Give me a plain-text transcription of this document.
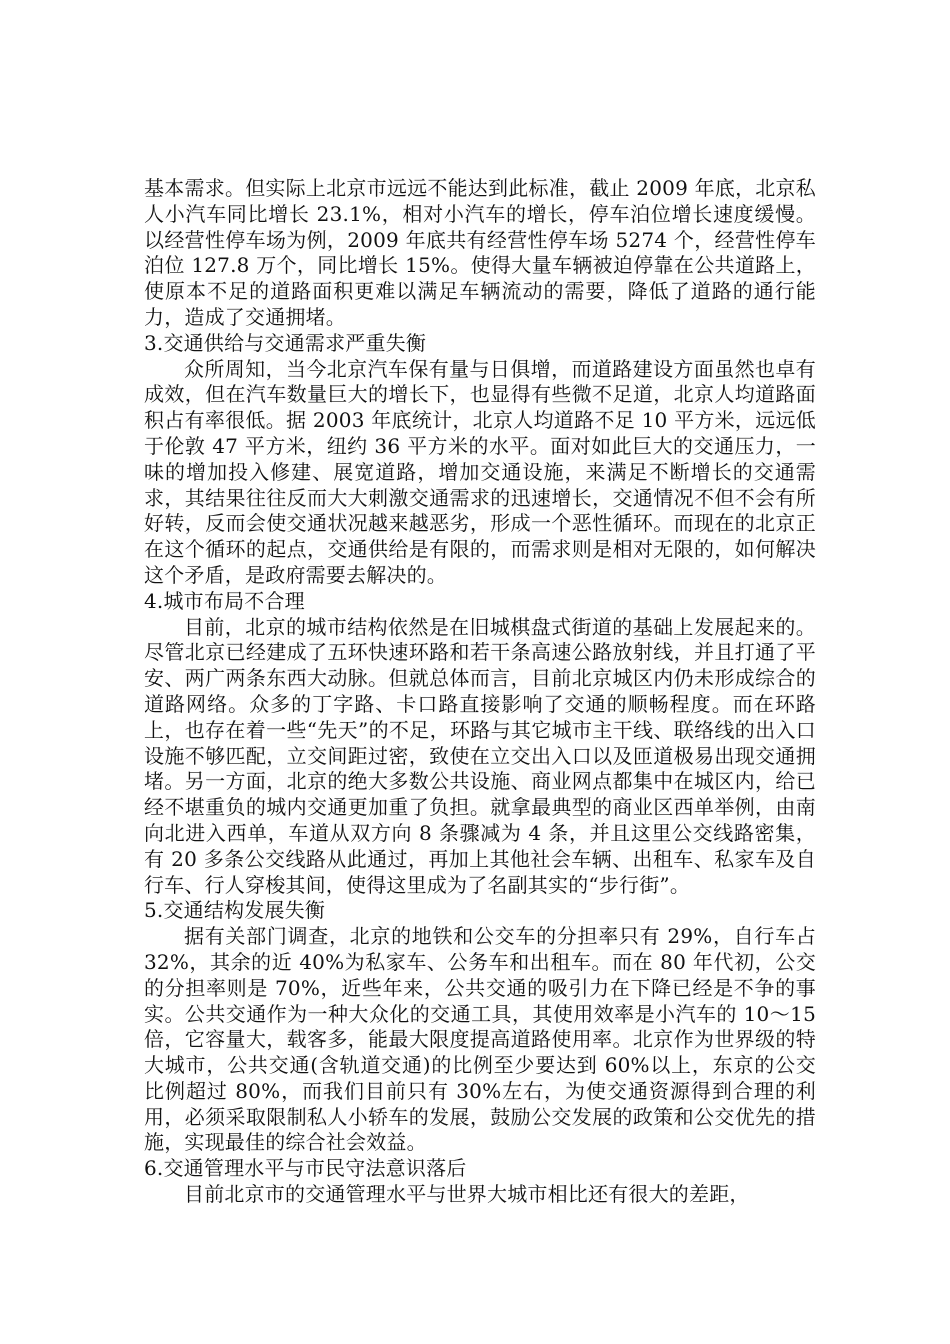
基本需求。但实际上北京市远远不能达到此标准，截止 2009 年底，北京私人小汽车同比增长 23.1%，相对小汽车的增长，停车泊位增长速度缓慢。以经营性停车场为例，2009 年底共有经营性停车场 5274 个，经营性停车泊位 127.8 万个，同比增长 15%。使得大量车辆被迫停靠在公共道路上，使原本不足的道路面积更难以满足车辆流动的需要，降低了道路的通行能力，造成了交通拥堵。

3.交通供给与交通需求严重失衡

众所周知，当今北京汽车保有量与日俱增，而道路建设方面虽然也卓有成效，但在汽车数量巨大的增长下，也显得有些微不足道，北京人均道路面积占有率很低。据 2003 年底统计，北京人均道路不足 10 平方米，远远低于伦敦 47 平方米，纽约 36 平方米的水平。面对如此巨大的交通压力，一味的增加投入修建、展宽道路，增加交通设施，来满足不断增长的交通需求，其结果往往反而大大刺激交通需求的迅速增长，交通情况不但不会有所好转，反而会使交通状况越来越恶劣，形成一个恶性循环。而现在的北京正在这个循环的起点，交通供给是有限的，而需求则是相对无限的，如何解决这个矛盾，是政府需要去解决的。

4.城市布局不合理

目前，北京的城市结构依然是在旧城棋盘式街道的基础上发展起来的。尽管北京已经建成了五环快速环路和若干条高速公路放射线，并且打通了平安、两广两条东西大动脉。但就总体而言，目前北京城区内仍未形成综合的道路网络。众多的丁字路、卡口路直接影响了交通的顺畅程度。而在环路上，也存在着一些“先天”的不足，环路与其它城市主干线、联络线的出入口设施不够匹配，立交间距过密，致使在立交出入口以及匝道极易出现交通拥堵。另一方面，北京的绝大多数公共设施、商业网点都集中在城区内，给已经不堪重负的城内交通更加重了负担。就拿最典型的商业区西单举例，由南向北进入西单，车道从双方向 8 条骤减为 4 条，并且这里公交线路密集，有 20 多条公交线路从此通过，再加上其他社会车辆、出租车、私家车及自行车、行人穿梭其间，使得这里成为了名副其实的“步行街”。

5.交通结构发展失衡

据有关部门调查，北京的地铁和公交车的分担率只有 29%，自行车占 32%，其余的近 40%为私家车、公务车和出租车。而在 80 年代初，公交的分担率则是 70%，近些年来，公共交通的吸引力在下降已经是不争的事实。公共交通作为一种大众化的交通工具，其使用效率是小汽车的 10～15 倍，它容量大，载客多，能最大限度提高道路使用率。北京作为世界级的特大城市，公共交通(含轨道交通)的比例至少要达到 60%以上，东京的公交比例超过 80%，而我们目前只有 30%左右，为使交通资源得到合理的利用，必须采取限制私人小轿车的发展，鼓励公交发展的政策和公交优先的措施，实现最佳的综合社会效益。

6.交通管理水平与市民守法意识落后

目前北京市的交通管理水平与世界大城市相比还有很大的差距，
